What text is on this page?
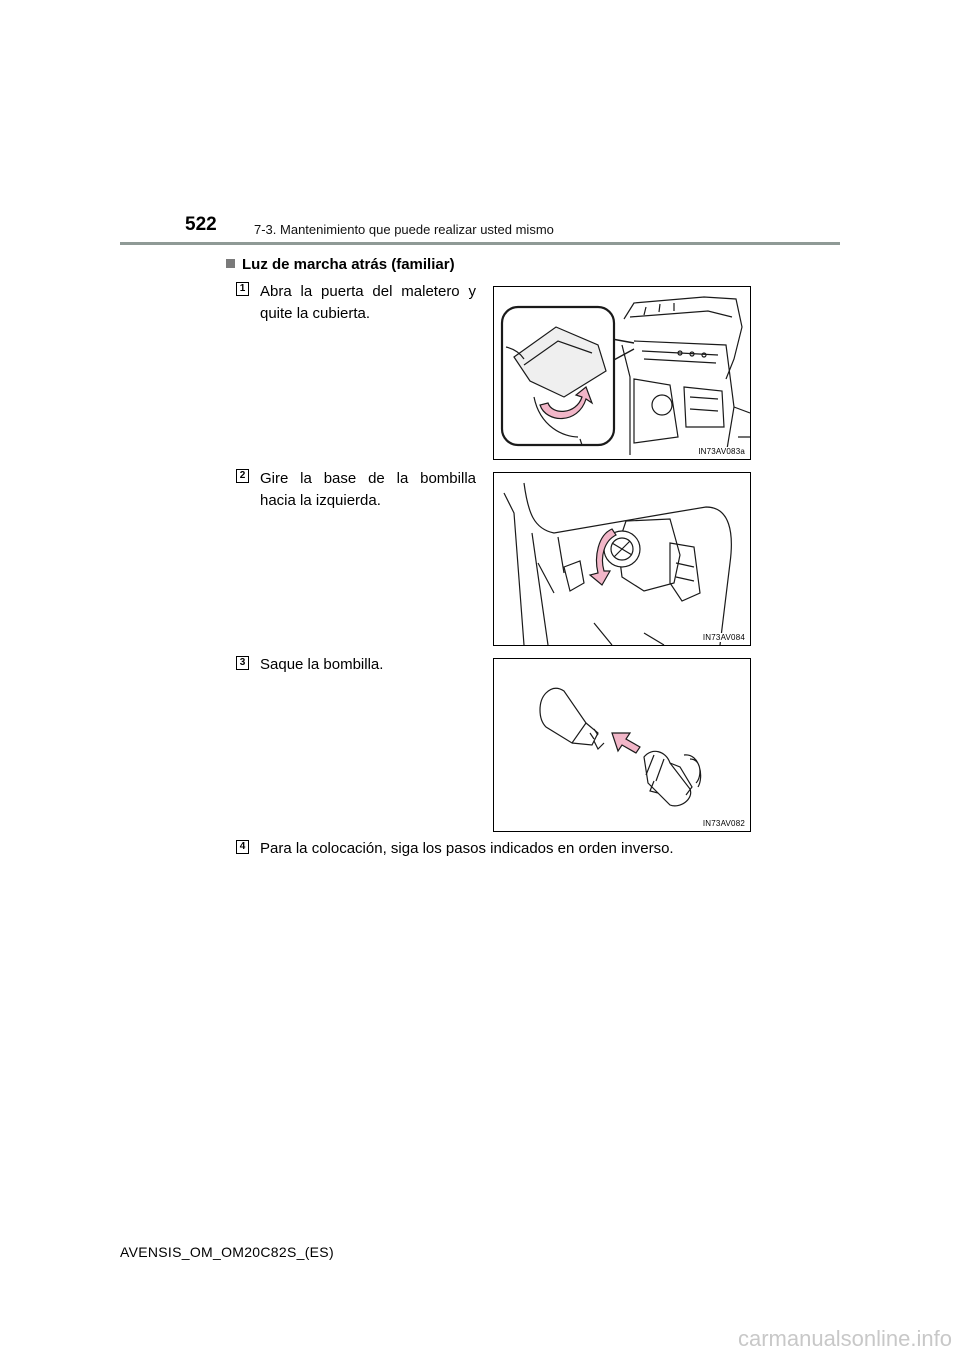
522	7-3. Mantenimiento que puede realizar usted mismo
Luz de marcha atrás (familiar)
1 Abra la puerta del maletero y quite la cubierta.
IN73AV083a
2 Gire la base de la bombilla hacia la izquierda.
IN73AV084
3 Saque la bombilla.
IN73AV082
4 Para la colocación, siga los pasos indicados en orden inverso.
AVENSIS_OM_OM20C82S_(ES)
carmanualsonline.info
